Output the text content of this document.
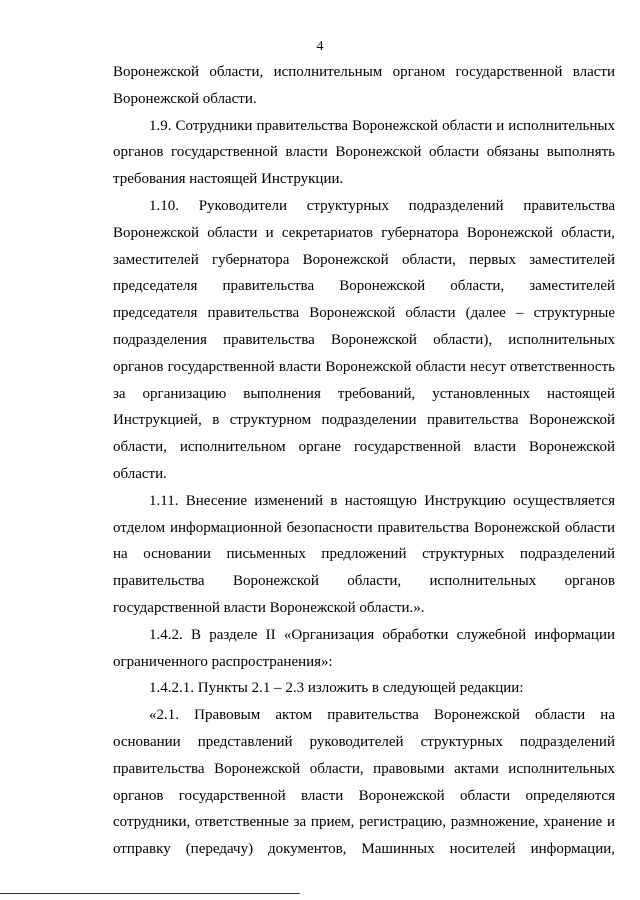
4

Воронежской области, исполнительным органом государственной власти
Воронежской области.

1.9. Сотрудники правительства Воронежской области и исполнительных
органов государственной власти Воронежской области обязаны выполнять
требования настоящей Инструкции.

1.10. Руководители структурных подразделений правительства
Воронежской области и секретариатов губернатора Воронежской области,
заместителей губернатора Воронежской области, первых заместителей
председателя правительства Воронежской области, заместителей
председателя правительства Воронежской области (далее – структурные
подразделения правительства Воронежской области), исполнительных
органов государственной власти Воронежской области несут ответственность
за организацию выполнения требований, установленных настоящей
Инструкцией, в структурном подразделении правительства Воронежской
области, исполнительном органе государственной власти Воронежской
области.

1.11. Внесение изменений в настоящую Инструкцию осуществляется
отделом информационной безопасности правительства Воронежской области
на основании письменных предложений структурных подразделений
правительства Воронежской области, исполнительных органов
государственной власти Воронежской области.».

1.4.2. В разделе II «Организация обработки служебной информации
ограниченного распространения»:

1.4.2.1. Пункты 2.1 – 2.3 изложить в следующей редакции:

«2.1. Правовым актом правительства Воронежской области на
основании представлений руководителей структурных подразделений
правительства Воронежской области, правовыми актами исполнительных
органов государственной власти Воронежской области определяются
сотрудники, ответственные за прием, регистрацию, размножение, хранение и
отправку (передачу) документов, Машинных носителей информации,
